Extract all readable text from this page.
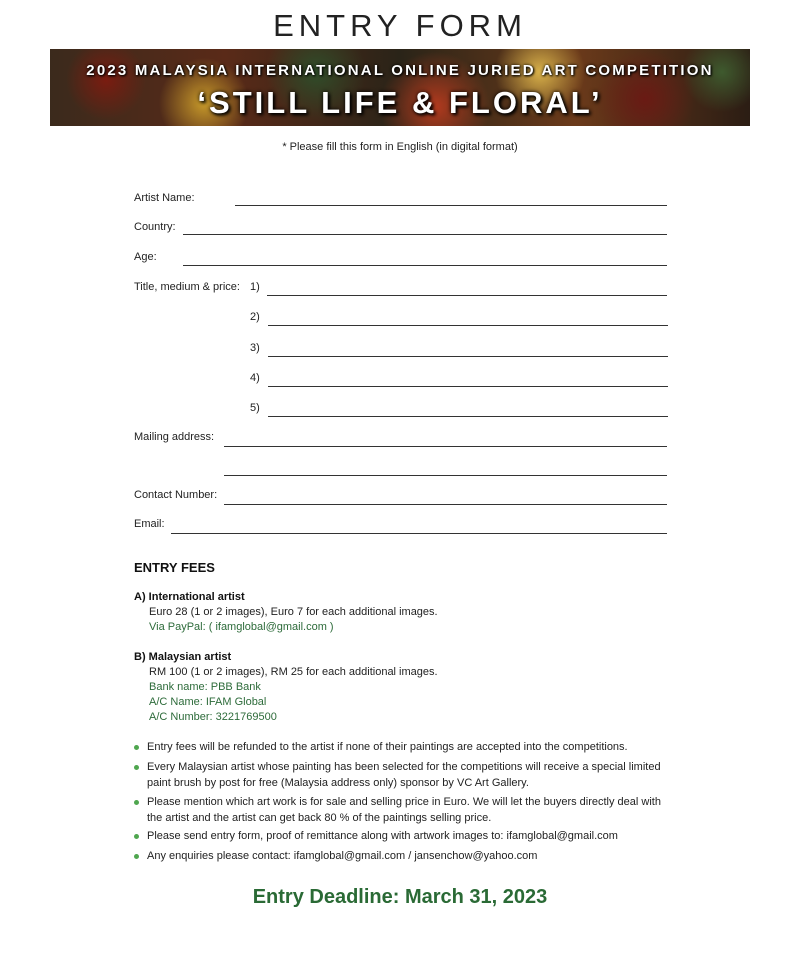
ENTRY FORM
2023 MALAYSIA INTERNATIONAL ONLINE JURIED ART COMPETITION
‘STILL LIFE & FLORAL’
* Please fill this form in English (in digital format)
Artist Name:
Country:
Age:
Title, medium & price: 1)
2)
3)
4)
5)
Mailing address:
Contact Number:
Email:
ENTRY FEES
A) International artist
Euro 28 (1 or 2 images), Euro 7 for each additional images.
Via PayPal: ( ifamglobal@gmail.com )
B) Malaysian artist
RM 100 (1 or 2 images), RM 25 for each additional images.
Bank name: PBB Bank
A/C Name: IFAM Global
A/C Number: 3221769500
Entry fees will be refunded to the artist if none of their paintings are accepted into the competitions.
Every Malaysian artist whose painting has been selected for the competitions will receive a special limited paint brush by post for free (Malaysia address only) sponsor by VC Art Gallery.
Please mention which art work is for sale and selling price in Euro. We will let the buyers directly deal with the artist and the artist can get back 80 % of the paintings selling price.
Please send entry form, proof of remittance along with artwork images to: ifamglobal@gmail.com
Any enquiries please contact: ifamglobal@gmail.com / jansenchow@yahoo.com
Entry Deadline: March 31, 2023
